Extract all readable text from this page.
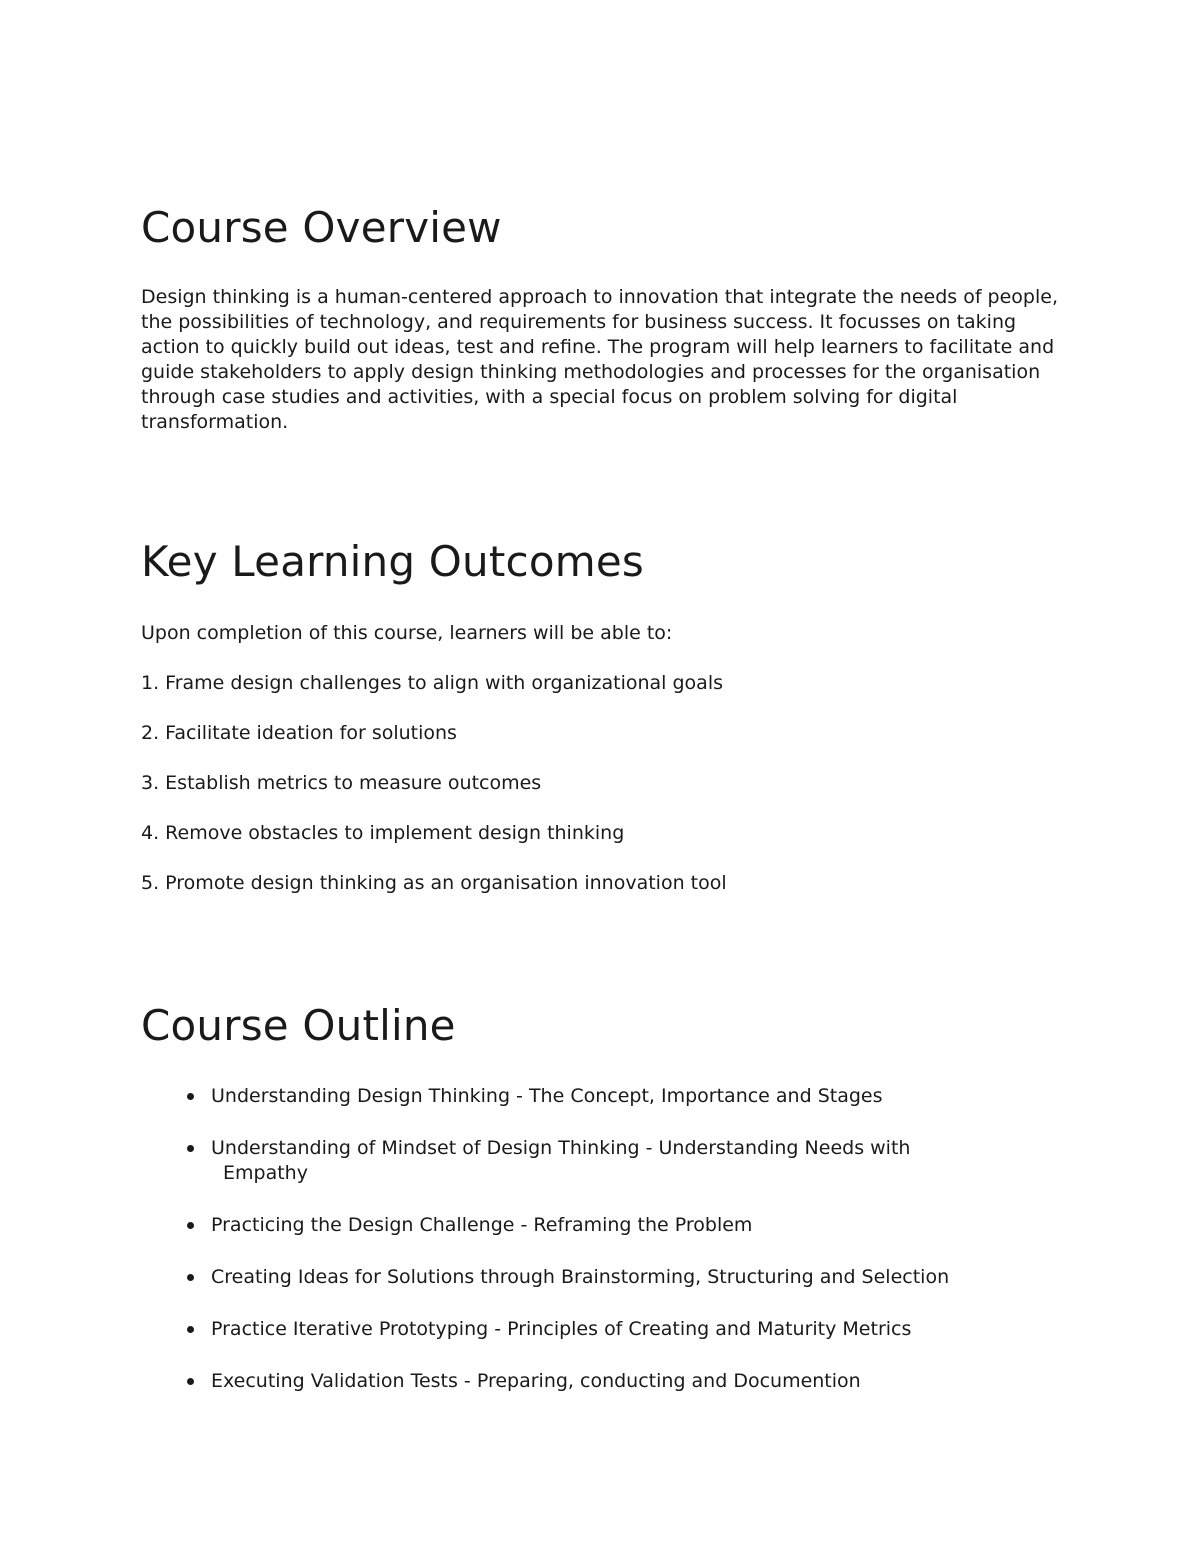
Course Overview

Design thinking is a human-centered approach to innovation that integrate the needs of people, the possibilities of technology, and requirements for business success. It focusses on taking action to quickly build out ideas, test and refine. The program will help learners to facilitate and guide stakeholders to apply design thinking methodologies and processes for the organisation through case studies and activities, with a special focus on problem solving for digital transformation.

Key Learning Outcomes

Upon completion of this course, learners will be able to:

1. Frame design challenges to align with organizational goals

2. Facilitate ideation for solutions

3. Establish metrics to measure outcomes

4. Remove obstacles to implement design thinking

5. Promote design thinking as an organisation innovation tool

Course Outline
Understanding Design Thinking - The Concept, Importance and Stages
Understanding of Mindset of Design Thinking - Understanding Needs with
Empathy
Practicing the Design Challenge - Reframing the Problem
Creating Ideas for Solutions through Brainstorming, Structuring and Selection
Practice Iterative Prototyping - Principles of Creating and Maturity Metrics
Executing Validation Tests - Preparing, conducting and Documention
